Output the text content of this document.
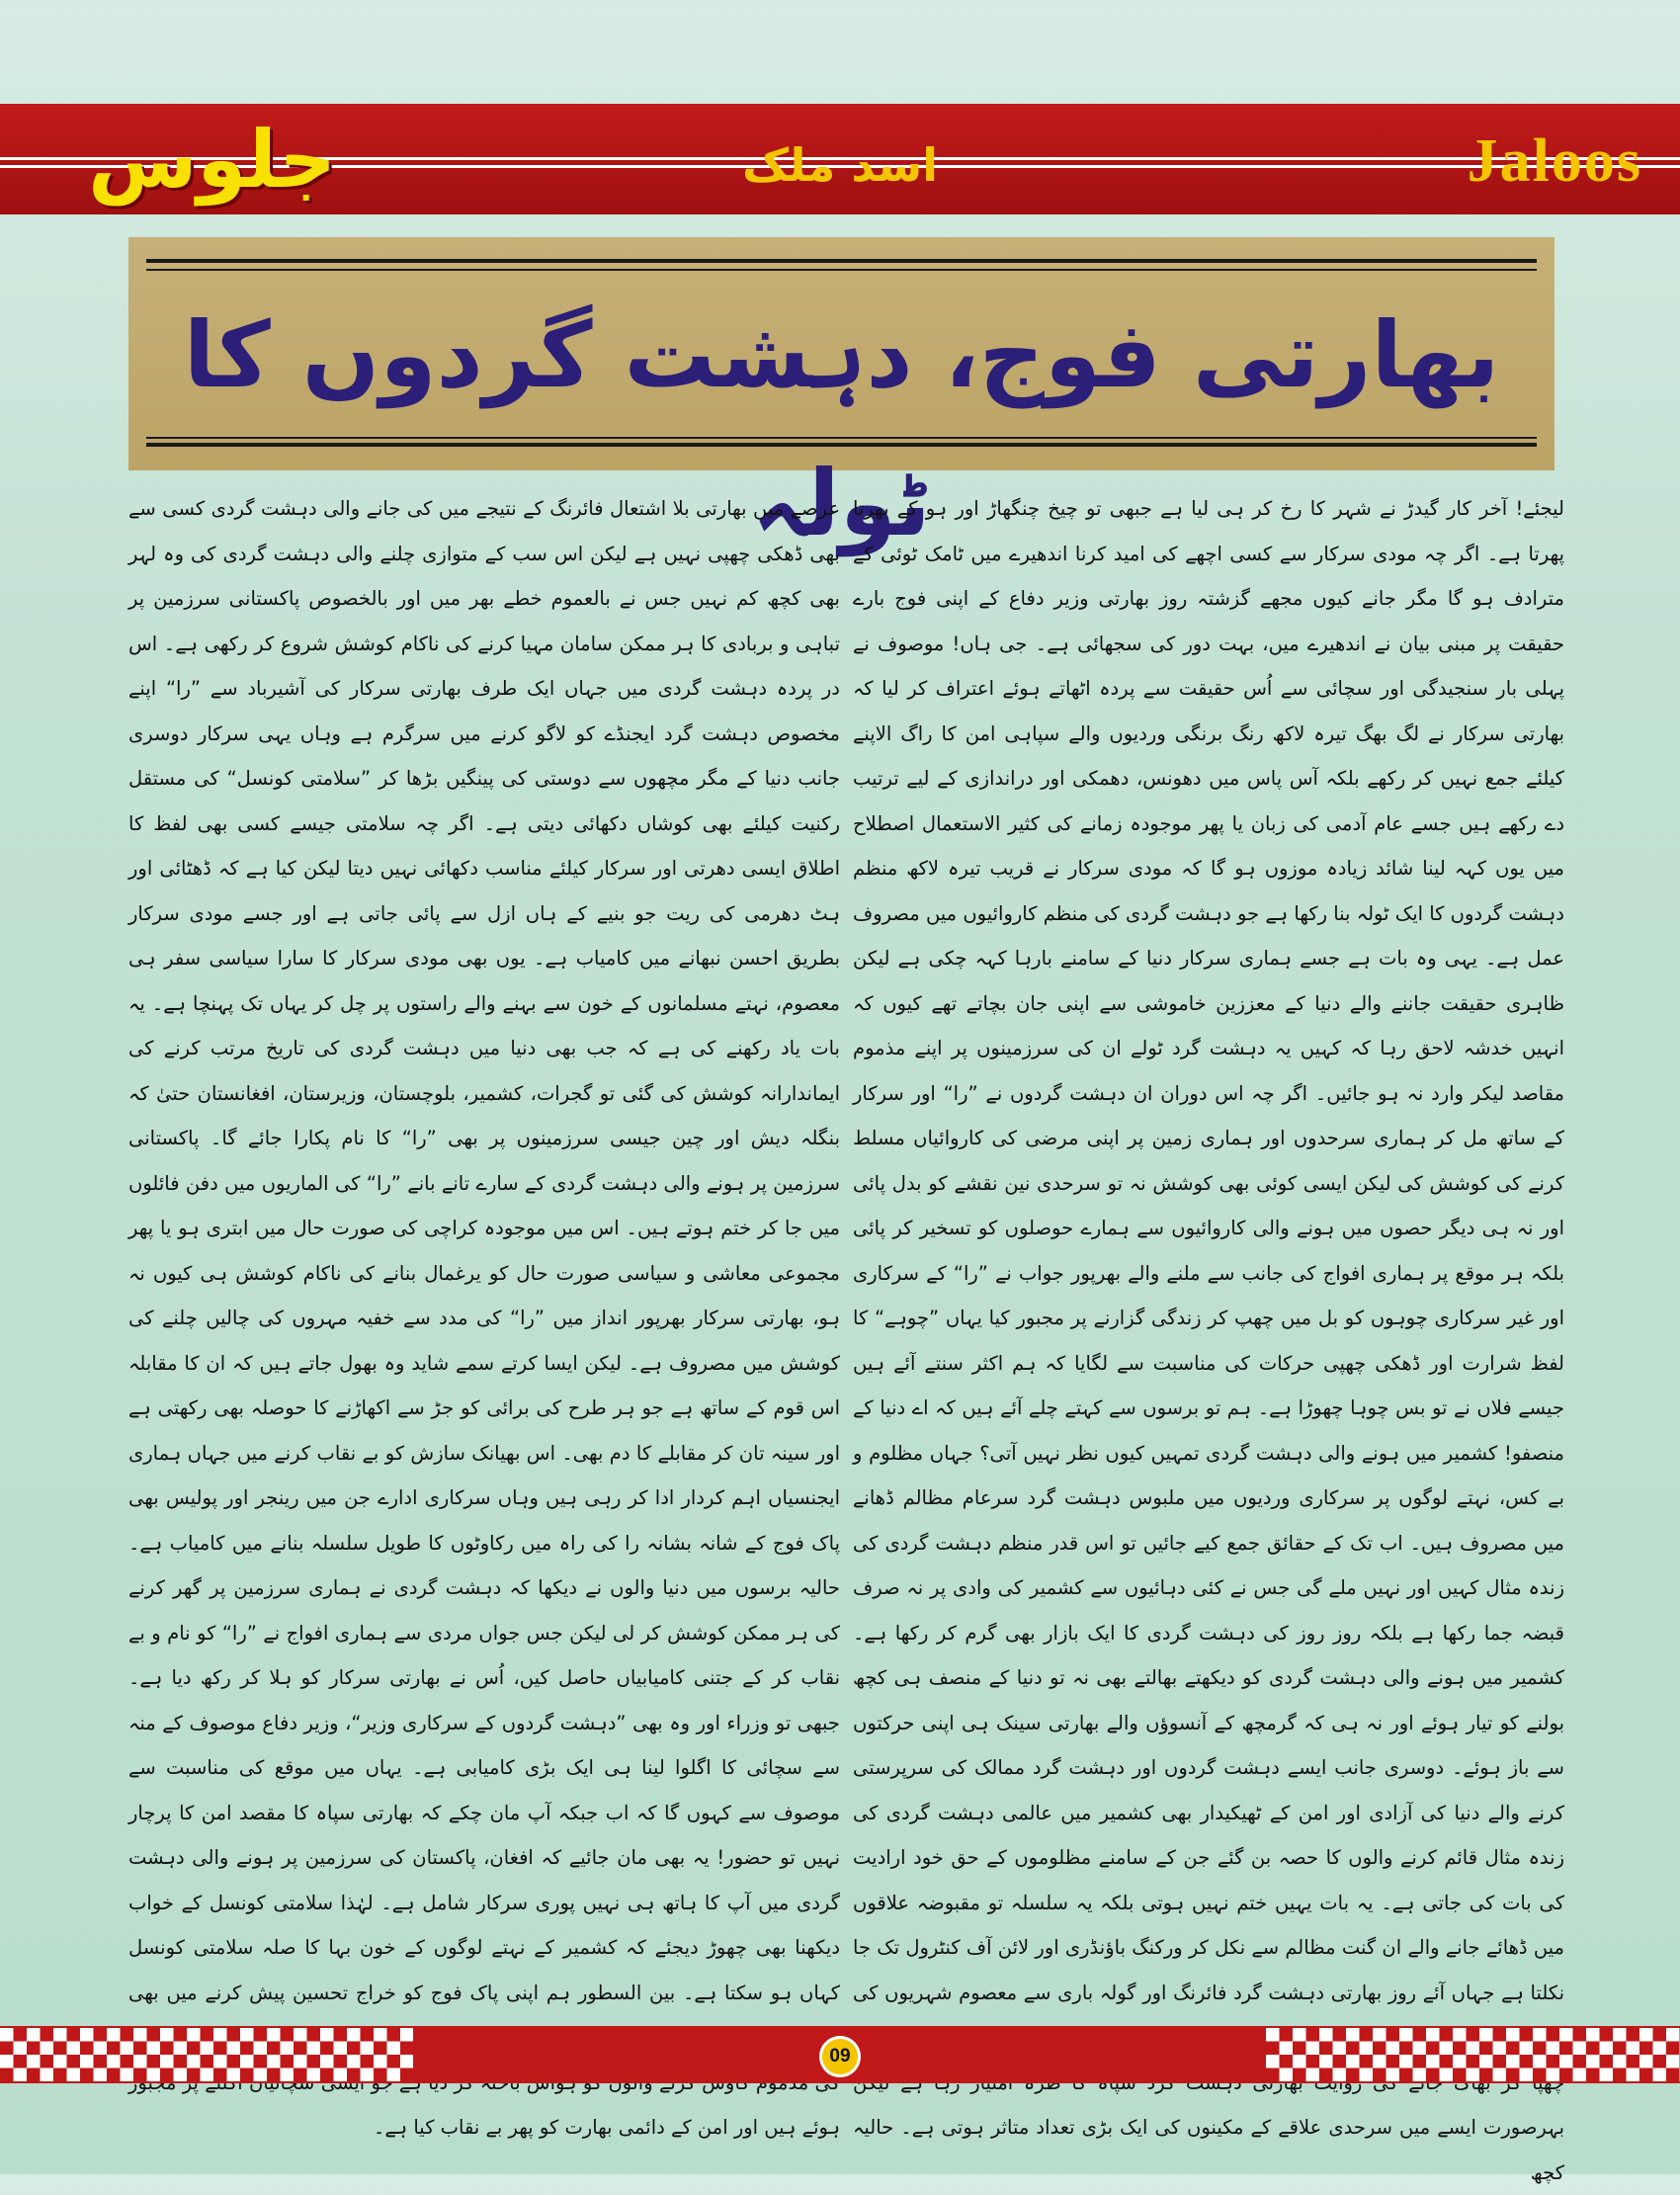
Jaloos
اسد ملک
جلوس
بھارتی فوج، دہشت گردوں کا ٹولہ	لیجئے! آخر کار گیدڑ نے شہر کا رخ کر ہی لیا ہے جبھی تو چیخ چنگھاڑ اور ہو کے بھرتا پھرتا ہے۔ اگر چہ مودی سرکار سے کسی اچھے کی امید کرنا اندھیرے میں ٹامک ٹوئی کے مترادف ہو گا مگر جانے کیوں مجھے گزشتہ روز بھارتی وزیر دفاع کے اپنی فوج بارے حقیقت پر مبنی بیان نے اندھیرے میں، بہت دور کی سجھائی ہے۔ جی ہاں! موصوف نے پہلی بار سنجیدگی اور سچائی سے اُس حقیقت سے پردہ اٹھاتے ہوئے اعتراف کر لیا کہ بھارتی سرکار نے لگ بھگ تیرہ لاکھ رنگ برنگی وردیوں والے سپاہی امن کا راگ الاپنے کیلئے جمع نہیں کر رکھے بلکہ آس پاس میں دھونس، دھمکی اور دراندازی کے لیے ترتیب دے رکھے ہیں جسے عام آدمی کی زبان یا پھر موجودہ زمانے کی کثیر الاستعمال اصطلاح میں یوں کہہ لینا شائد زیادہ موزوں ہو گا کہ مودی سرکار نے قریب تیرہ لاکھ منظم دہشت گردوں کا ایک ٹولہ بنا رکھا ہے جو دہشت گردی کی منظم کاروائیوں میں مصروف عمل ہے۔ یہی وہ بات ہے جسے ہماری سرکار دنیا کے سامنے بارہا کہہ چکی ہے لیکن ظاہری حقیقت جاننے والے دنیا کے معززین خاموشی سے اپنی جان بچاتے تھے کیوں کہ انہیں خدشہ لاحق رہا کہ کہیں یہ دہشت گرد ٹولے ان کی سرزمینوں پر اپنے مذموم مقاصد لیکر وارد نہ ہو جائیں۔ اگر چہ اس دوران ان دہشت گردوں نے ”را“ اور سرکار کے ساتھ مل کر ہماری سرحدوں اور ہماری زمین پر اپنی مرضی کی کاروائیاں مسلط کرنے کی کوشش کی لیکن ایسی کوئی بھی کوشش نہ تو سرحدی نین نقشے کو بدل پائی اور نہ ہی دیگر حصوں میں ہونے والی کاروائیوں سے ہمارے حوصلوں کو تسخیر کر پائی بلکہ ہر موقع پر ہماری افواج کی جانب سے ملنے والے بھرپور جواب نے ”را“ کے سرکاری اور غیر سرکاری چوہوں کو بل میں چھپ کر زندگی گزارنے پر مجبور کیا یہاں ”چوہے“ کا لفظ شرارت اور ڈھکی چھپی حرکات کی مناسبت سے لگایا کہ ہم اکثر سنتے آئے ہیں جیسے فلاں نے تو بس چوہا چھوڑا ہے۔ ہم تو برسوں سے کہتے چلے آئے ہیں کہ اے دنیا کے منصفو! کشمیر میں ہونے والی دہشت گردی تمہیں کیوں نظر نہیں آتی؟ جہاں مظلوم و بے کس، نہتے لوگوں پر سرکاری وردیوں میں ملبوس دہشت گرد سرعام مظالم ڈھانے میں مصروف ہیں۔ اب تک کے حقائق جمع کیے جائیں تو اس قدر منظم دہشت گردی کی زندہ مثال کہیں اور نہیں ملے گی جس نے کئی دہائیوں سے کشمیر کی وادی پر نہ صرف قبضہ جما رکھا ہے بلکہ روز روز کی دہشت گردی کا ایک بازار بھی گرم کر رکھا ہے۔ کشمیر میں ہونے والی دہشت گردی کو دیکھتے بھالتے بھی نہ تو دنیا کے منصف ہی کچھ بولنے کو تیار ہوئے اور نہ ہی کہ گرمچھ کے آنسوؤں والے بھارتی سینک ہی اپنی حرکتوں سے باز ہوئے۔ دوسری جانب ایسے دہشت گردوں اور دہشت گرد ممالک کی سرپرستی کرنے والے دنیا کی آزادی اور امن کے ٹھیکیدار بھی کشمیر میں عالمی دہشت گردی کی زندہ مثال قائم کرنے والوں کا حصہ بن گئے جن کے سامنے مظلوموں کے حق خود ارادیت کی بات کی جاتی ہے۔ یہ بات یہیں ختم نہیں ہوتی بلکہ یہ سلسلہ تو مقبوضہ علاقوں میں ڈھائے جانے والے ان گنت مظالم سے نکل کر ورکنگ باؤنڈری اور لائن آف کنٹرول تک جا نکلتا ہے جہاں آئے روز بھارتی دہشت گرد فائرنگ اور گولہ باری سے معصوم شہریوں کی بہرصورت ایسے میں سرحدی علاقے کے مکینوں کی ایک بڑی تعداد متاثر ہوتی ہے۔ حالیہ کچھ
عرصے میں بھارتی بلا اشتعال فائرنگ کے نتیجے میں کی جانے والی دہشت گردی کسی سے بھی ڈھکی چھپی نہیں ہے لیکن اس سب کے متوازی چلنے والی دہشت گردی کی وہ لہر بھی کچھ کم نہیں جس نے بالعموم خطے بھر میں اور بالخصوص پاکستانی سرزمین پر تباہی و بربادی کا ہر ممکن سامان مہیا کرنے کی ناکام کوشش شروع کر رکھی ہے۔ اس در پردہ دہشت گردی میں جہاں ایک طرف بھارتی سرکار کی آشیرباد سے ”را“ اپنے مخصوص دہشت گرد ایجنڈے کو لاگو کرنے میں سرگرم ہے وہاں یہی سرکار دوسری جانب دنیا کے مگر مچھوں سے دوستی کی پینگیں بڑھا کر ”سلامتی کونسل“ کی مستقل رکنیت کیلئے بھی کوشاں دکھائی دیتی ہے۔ اگر چہ سلامتی جیسے کسی بھی لفظ کا اطلاق ایسی دھرتی اور سرکار کیلئے مناسب دکھائی نہیں دیتا لیکن کیا ہے کہ ڈھٹائی اور ہٹ دھرمی کی ریت جو بنیے کے ہاں ازل سے پائی جاتی ہے اور جسے مودی سرکار بطریق احسن نبھانے میں کامیاب ہے۔ یوں بھی مودی سرکار کا سارا سیاسی سفر ہی معصوم، نہتے مسلمانوں کے خون سے بہنے والے راستوں پر چل کر یہاں تک پہنچا ہے۔ یہ بات یاد رکھنے کی ہے کہ جب بھی دنیا میں دہشت گردی کی تاریخ مرتب کرنے کی ایماندارانہ کوشش کی گئی تو گجرات، کشمیر، بلوچستان، وزیرستان، افغانستان حتیٰ کہ بنگلہ دیش اور چین جیسی سرزمینوں پر بھی ”را“ کا نام پکارا جائے گا۔ پاکستانی سرزمین پر ہونے والی دہشت گردی کے سارے تانے بانے ”را“ کی الماریوں میں دفن فائلوں میں جا کر ختم ہوتے ہیں۔ اس میں موجودہ کراچی کی صورت حال میں ابتری ہو یا پھر مجموعی معاشی و سیاسی صورت حال کو یرغمال بنانے کی ناکام کوشش ہی کیوں نہ ہو، بھارتی سرکار بھرپور انداز میں ”را“ کی مدد سے خفیہ مہروں کی چالیں چلنے کی کوشش میں مصروف ہے۔ لیکن ایسا کرتے سمے شاید وہ بھول جاتے ہیں کہ ان کا مقابلہ اس قوم کے ساتھ ہے جو ہر طرح کی برائی کو جڑ سے اکھاڑنے کا حوصلہ بھی رکھتی ہے اور سینہ تان کر مقابلے کا دم بھی۔ اس بھیانک سازش کو بے نقاب کرنے میں جہاں ہماری ایجنسیاں اہم کردار ادا کر رہی ہیں وہاں سرکاری ادارے جن میں رینجر اور پولیس بھی پاک فوج کے شانہ بشانہ را کی راہ میں رکاوٹوں کا طویل سلسلہ بنانے میں کامیاب ہے۔ حالیہ برسوں میں دنیا والوں نے دیکھا کہ دہشت گردی نے ہماری سرزمین پر گھر کرنے کی ہر ممکن کوشش کر لی لیکن جس جواں مردی سے ہماری افواج نے ”را“ کو نام و بے نقاب کر کے جتنی کامیابیاں حاصل کیں، اُس نے بھارتی سرکار کو ہلا کر رکھ دیا ہے۔ جبھی تو وزراء اور وہ بھی ”دہشت گردوں کے سرکاری وزیر“، وزیر دفاع موصوف کے منہ سے سچائی کا اگلوا لینا ہی ایک بڑی کامیابی ہے۔ یہاں میں موقع کی مناسبت سے موصوف سے کہوں گا کہ اب جبکہ آپ مان چکے کہ بھارتی سپاہ کا مقصد امن کا پرچار نہیں تو حضور! یہ بھی مان جائیے کہ افغان، پاکستان کی سرزمین پر ہونے والی دہشت گردی میں آپ کا ہاتھ ہی نہیں پوری سرکار شامل ہے۔ لہٰذا سلامتی کونسل کے خواب دیکھنا بھی چھوڑ دیجئے کہ کشمیر کے نہتے لوگوں کے خون بہا کا صلہ سلامتی کونسل کہاں ہو سکتا ہے۔ بین السطور ہم اپنی پاک فوج کو خراج تحسین پیش کرنے میں بھی ہوئے ہیں اور امن کے دائمی بھارت کو پھر بے نقاب کیا ہے۔
09
